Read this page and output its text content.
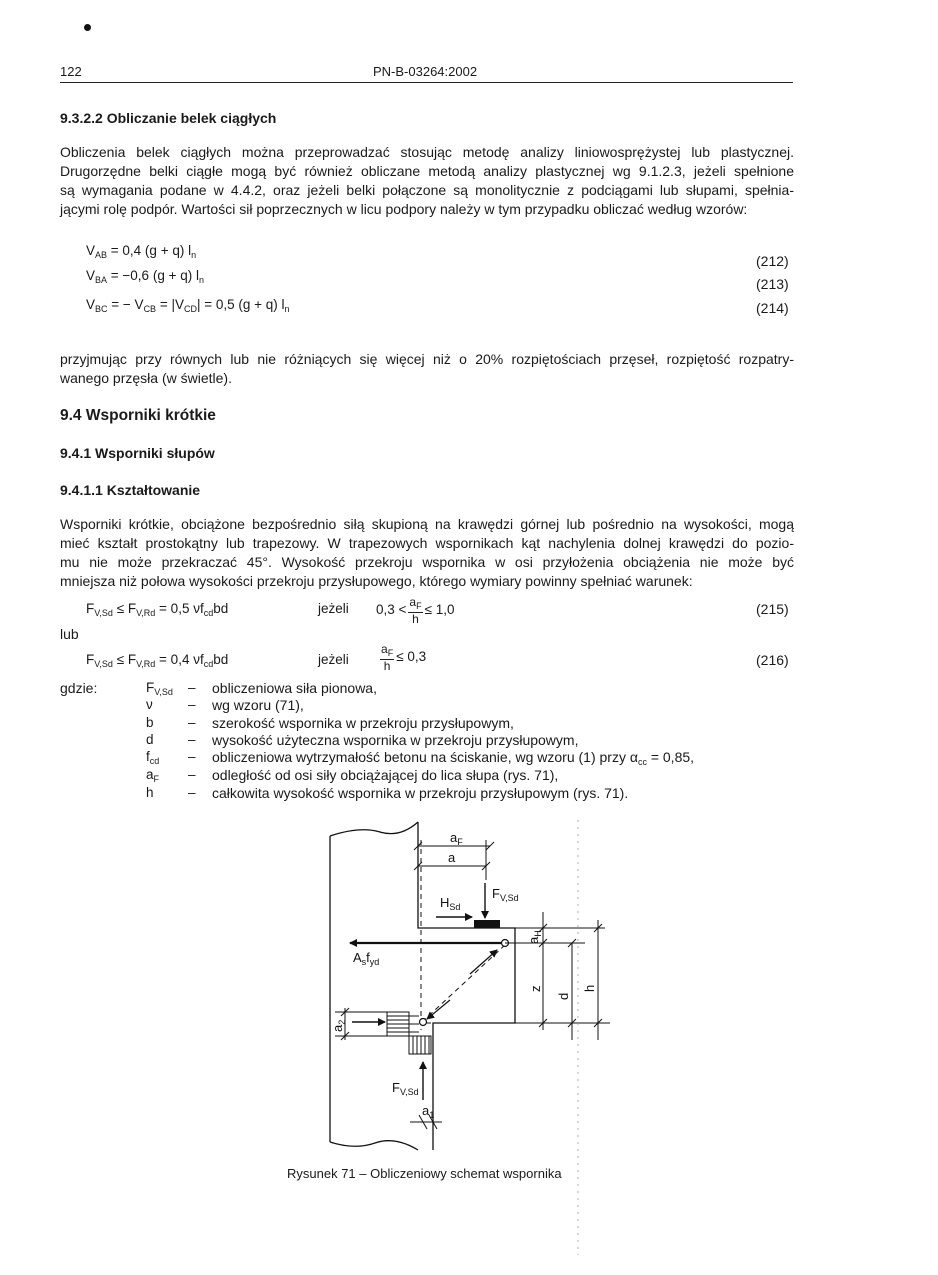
122	PN-B-03264:2002
9.3.2.2 Obliczanie belek ciągłych
Obliczenia belek ciągłych można przeprowadzać stosując metodę analizy liniowosprężystej lub plastycznej.
Drugorzędne belki ciągłe mogą być również obliczane metodą analizy plastycznej wg 9.1.2.3, jeżeli spełnione
są wymagania podane w 4.4.2, oraz jeżeli belki połączone są monolitycznie z podciągami lub słupami, spełnia-
jącymi rolę podpór. Wartości sił poprzecznych w licu podpory należy w tym przypadku obliczać według wzorów:
$V_{AB} = 0,4$ (g + q) $l_n$	(212)
$V_{BA} = -0,6$ (g + q) $l_n$	(213)
$V_{BC}$ = − $V_{CB} = |V_{CD}| = 0,5$ (g + q) $l_n$	(214)
przyjmując przy równych lub nie różniących się więcej niż o 20% rozpiętościach przęseł, rozpiętość rozpatry-
wanego przęsła (w świetle).
9.4 Wsporniki krótkie
9.4.1 Wsporniki słupów
9.4.1.1 Kształtowanie
Wsporniki krótkie, obciążone bezpośrednio siłą skupioną na krawędzi górnej lub pośrednio na wysokości, mogą
mieć kształt prostokątny lub trapezowy. W trapezowych wspornikach kąt nachylenia dolnej krawędzi do pozio-
mu nie może przekraczać 45°. Wysokość przekroju wspornika w osi przyłożenia obciążenia nie może być
mniejsza niż połowa wysokości przekroju przysłupowego, którego wymiary powinny spełniać warunek:
$F_{V,Sd} \le F_{V,Rd} = 0,5$ $\nu f_{cd}bd$	jeżeli $0,3 < \frac{a_F}{h} \le 1,0$	(215)
lub
$F_{V,Sd} \le F_{V,Rd} = 0,4$ $\nu f_{cd}bd$	jeżeli	$\frac{a_F}{h} \le 0,3$	(216)
gdzie:	$F_{V,Sd}$ – obliczeniowa siła pionowa,
ν	– wg wzoru (71),
b	– szerokość wspornika w przekroju przysłupowym,
d	– wysokość użyteczna wspornika w przekroju przysłupowym,
$f_{cd}$ – obliczeniowa wytrzymałość betonu na ściskanie, wg wzoru (1) przy $\alpha_{cc} = 0,85$,
$a_F$ – odległość od osi siły obciążającej do lica słupa (rys. 71),
h	– całkowita wysokość wspornika w przekroju przysłupowym (rys. 71).
$a_F$
a
$H_{Sd}$
$F_{V,Sd}$
$A_sf_{yd}$
$a_H$
z
d
h
$a_2$
$F_{V,Sd}$
$a_1$
Rysunek 71 – Obliczeniowy schemat wspornika
